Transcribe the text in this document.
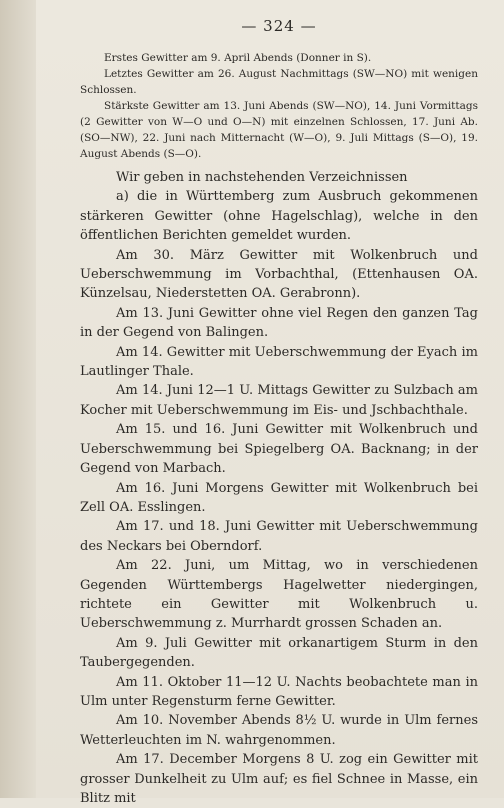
— 324 —

Erstes Gewitter am 9. April Abends (Donner in S).

Letztes Gewitter am 26. August Nachmittags (SW—NO) mit wenigen Schlossen.

Stärkste Gewitter am 13. Juni Abends (SW—NO), 14. Juni Vormittags (2 Gewitter von W—O und O—N) mit einzelnen Schlossen, 17. Juni Ab. (SO—NW), 22. Juni nach Mitternacht (W—O), 9. Juli Mittags (S—O), 19. August Abends (S—O).

Wir geben in nachstehenden Verzeichnissen

a) die in Württemberg zum Ausbruch gekommenen stärkeren Gewitter (ohne Hagelschlag), welche in den öffentlichen Berichten gemeldet wurden.

Am 30. März Gewitter mit Wolkenbruch und Ueberschwemmung im Vorbachthal, (Ettenhausen OA. Künzelsau, Niederstetten OA. Gerabronn).

Am 13. Juni Gewitter ohne viel Regen den ganzen Tag in der Gegend von Balingen.

Am 14. Gewitter mit Ueberschwemmung der Eyach im Lautlinger Thale.

Am 14. Juni 12—1 U. Mittags Gewitter zu Sulzbach am Kocher mit Ueberschwemmung im Eis- und Jschbachthale.

Am 15. und 16. Juni Gewitter mit Wolkenbruch und Ueberschwemmung bei Spiegelberg OA. Backnang; in der Gegend von Marbach.

Am 16. Juni Morgens Gewitter mit Wolkenbruch bei Zell OA. Esslingen.

Am 17. und 18. Juni Gewitter mit Ueberschwemmung des Neckars bei Oberndorf.

Am 22. Juni, um Mittag, wo in verschiedenen Gegenden Württembergs Hagelwetter niedergingen, richtete ein Gewitter mit Wolkenbruch u. Ueberschwemmung z. Murrhardt grossen Schaden an.

Am 9. Juli Gewitter mit orkanartigem Sturm in den Taubergegenden.

Am 11. Oktober 11—12 U. Nachts beobachtete man in Ulm unter Regensturm ferne Gewitter.

Am 10. November Abends 8½ U. wurde in Ulm fernes Wetterleuchten im N. wahrgenommen.

Am 17. December Morgens 8 U. zog ein Gewitter mit grosser Dunkelheit zu Ulm auf; es fiel Schnee in Masse, ein Blitz mit
